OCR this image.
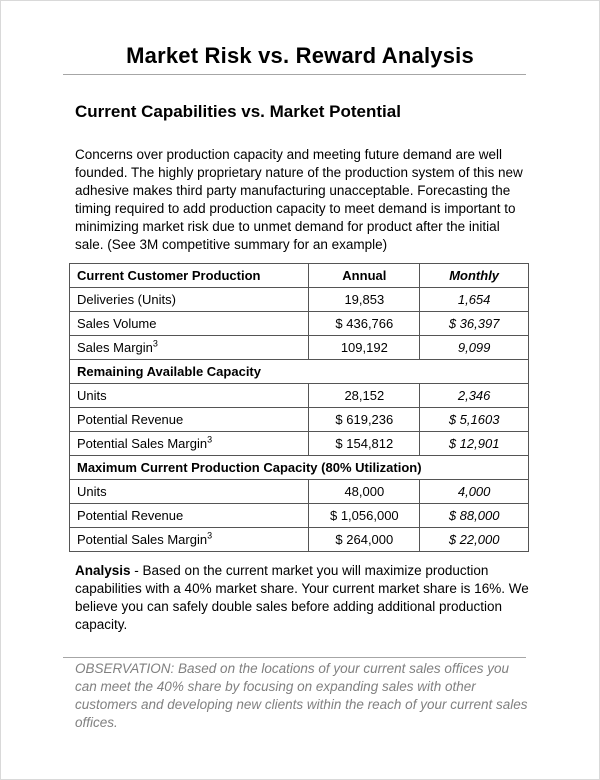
Market Risk vs. Reward Analysis
Current Capabilities vs. Market Potential

Concerns over production capacity and meeting future demand are well founded. The highly proprietary nature of the production system of this new adhesive makes third party manufacturing unacceptable. Forecasting the timing required to add production capacity to meet demand is important to minimizing market risk due to unmet demand for product after the initial sale. (See 3M competitive summary for an example)

Current Customer Production	Annual	Monthly
Deliveries (Units)	19,853	1,654
Sales Volume	$ 436,766	$ 36,397
Sales Margin$^3$	109,192	9,099
Remaining Available Capacity		
Units	28,152	2,346
Potential Revenue	$ 619,236	$ 5,1603
Potential Sales Margin$^3$	$ 154,812	$ 12,901
Maximum Current Production Capacity (80% Utilization)		
Units	48,000	4,000
Potential Revenue	$ 1,056,000	$ 88,000
Potential Sales Margin$^3$	$ 264,000	$ 22,000

Analysis - Based on the current market you will maximize production capabilities with a 40% market share. Your current market share is 16%. We believe you can safely double sales before adding additional production capacity.

OBSERVATION: Based on the locations of your current sales offices you can meet the 40% share by focusing on expanding sales with other customers and developing new clients within the reach of your current sales offices.
